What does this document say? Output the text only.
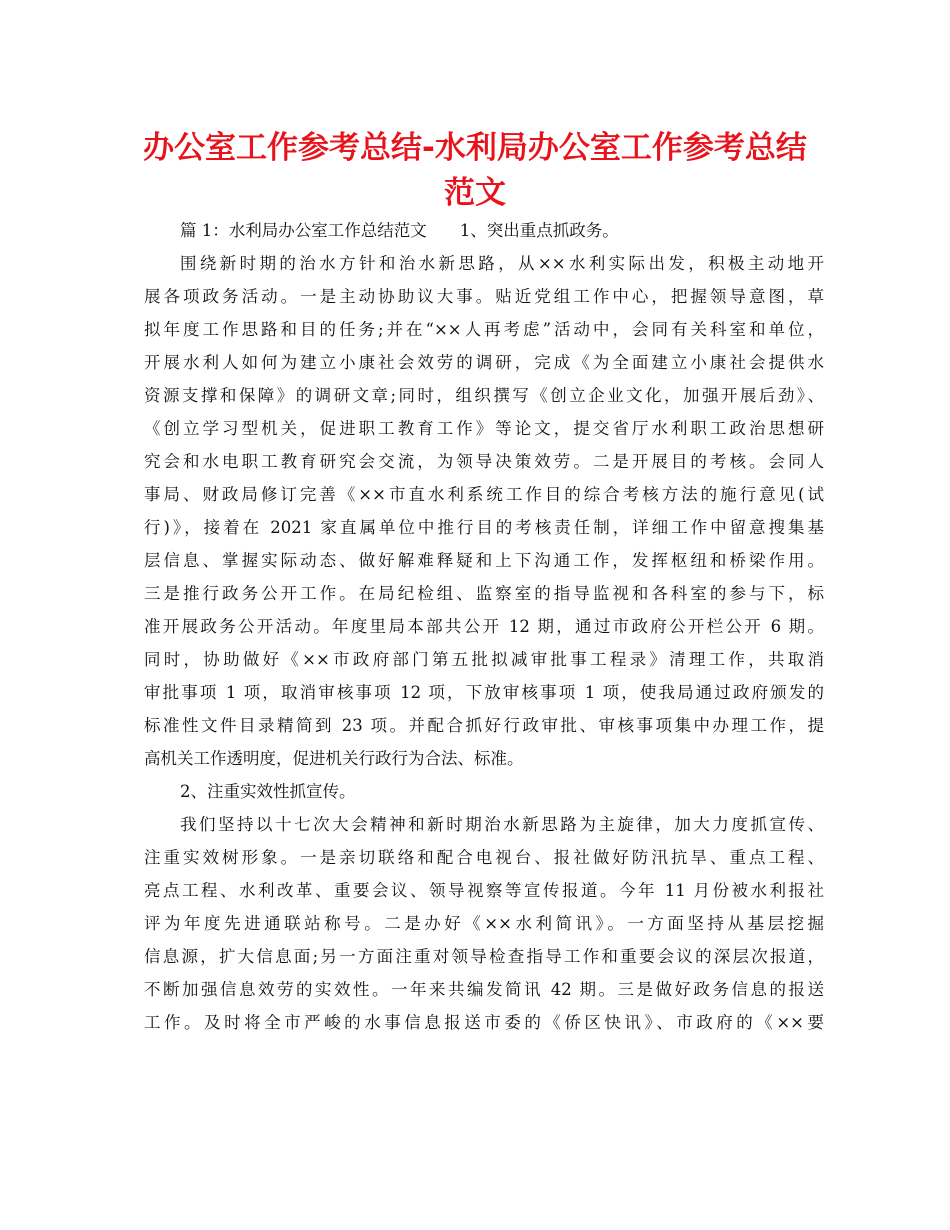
办公室工作参考总结-水利局办公室工作参考总结
范文
篇 1：水利局办公室工作总结范文　　1、突出重点抓政务。
围绕新时期的治水方针和治水新思路，从××水利实际出发，积极主动地开
展各项政务活动。一是主动协助议大事。贴近党组工作中心，把握领导意图，草
拟年度工作思路和目的任务;并在“××人再考虑”活动中，会同有关科室和单位，
开展水利人如何为建立小康社会效劳的调研，完成《为全面建立小康社会提供水
资源支撑和保障》的调研文章;同时，组织撰写《创立企业文化，加强开展后劲》、
《创立学习型机关，促进职工教育工作》等论文，提交省厅水利职工政治思想研
究会和水电职工教育研究会交流，为领导决策效劳。二是开展目的考核。会同人
事局、财政局修订完善《××市直水利系统工作目的综合考核方法的施行意见(试
行)》，接着在 2021 家直属单位中推行目的考核责任制，详细工作中留意搜集基
层信息、掌握实际动态、做好解难释疑和上下沟通工作，发挥枢纽和桥梁作用。
三是推行政务公开工作。在局纪检组、监察室的指导监视和各科室的参与下，标
准开展政务公开活动。年度里局本部共公开 12 期，通过市政府公开栏公开 6 期。
同时，协助做好《××市政府部门第五批拟减审批事工程录》清理工作，共取消
审批事项 1 项，取消审核事项 12 项，下放审核事项 1 项，使我局通过政府颁发的
标准性文件目录精简到 23 项。并配合抓好行政审批、审核事项集中办理工作，提
高机关工作透明度，促进机关行政行为合法、标准。
2、注重实效性抓宣传。
我们坚持以十七次大会精神和新时期治水新思路为主旋律，加大力度抓宣传、
注重实效树形象。一是亲切联络和配合电视台、报社做好防汛抗旱、重点工程、
亮点工程、水利改革、重要会议、领导视察等宣传报道。今年 11 月份被水利报社
评为年度先进通联站称号。二是办好《××水利简讯》。一方面坚持从基层挖掘
信息源，扩大信息面;另一方面注重对领导检查指导工作和重要会议的深层次报道，
不断加强信息效劳的实效性。一年来共编发简讯 42 期。三是做好政务信息的报送
工作。及时将全市严峻的水事信息报送市委的《侨区快讯》、市政府的《××要
